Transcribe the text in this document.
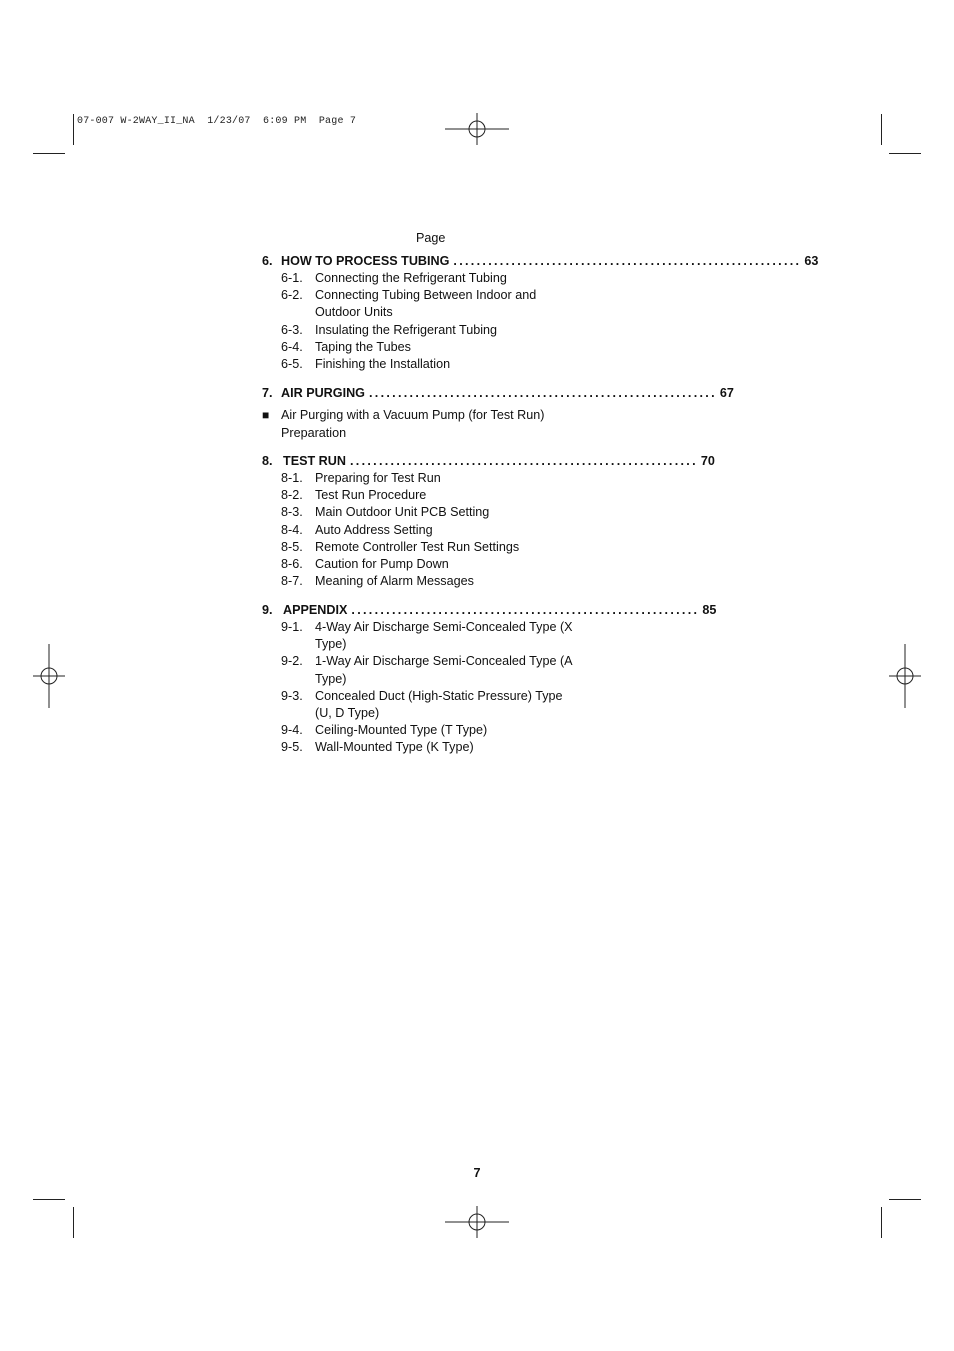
07-007 W-2WAY_II_NA  1/23/07  6:09 PM  Page 7
Page
6. HOW TO PROCESS TUBING ............................................................ 63
6-1. Connecting the Refrigerant Tubing
6-2. Connecting Tubing Between Indoor and Outdoor Units
6-3. Insulating the Refrigerant Tubing
6-4. Taping the Tubes
6-5. Finishing the Installation
7. AIR PURGING ............................................................ 67
■ Air Purging with a Vacuum Pump (for Test Run) Preparation
8. TEST RUN ............................................................ 70
8-1. Preparing for Test Run
8-2. Test Run Procedure
8-3. Main Outdoor Unit PCB Setting
8-4. Auto Address Setting
8-5. Remote Controller Test Run Settings
8-6. Caution for Pump Down
8-7. Meaning of Alarm Messages
9. APPENDIX ............................................................ 85
9-1. 4-Way Air Discharge Semi-Concealed Type (X Type)
9-2. 1-Way Air Discharge Semi-Concealed Type (A Type)
9-3. Concealed Duct (High-Static Pressure) Type (U, D Type)
9-4. Ceiling-Mounted Type (T Type)
9-5. Wall-Mounted Type (K Type)
7
